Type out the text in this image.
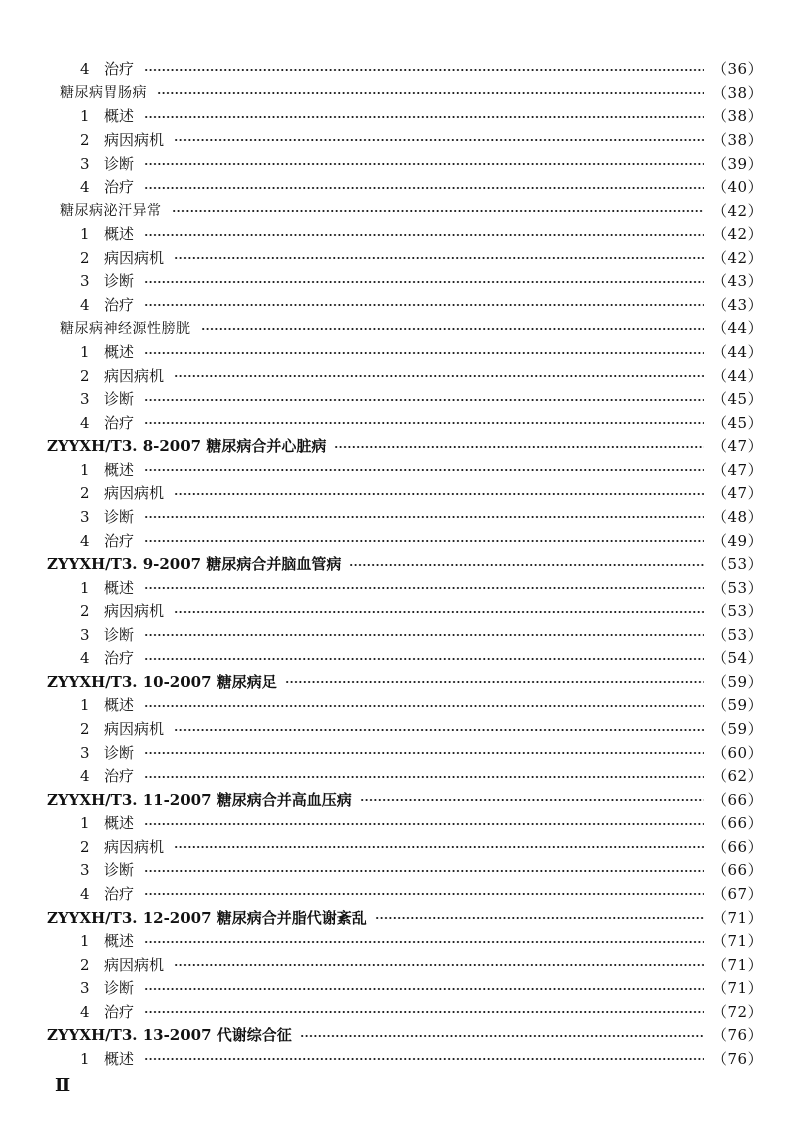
4 治疗	（36）
糖尿病胃肠病	（38）
1 概述	（38）
2 病因病机	（38）
3 诊断	（39）
4 治疗	（40）
糖尿病泌汗异常	（42）
1 概述	（42）
2 病因病机	（42）
3 诊断	（43）
4 治疗	（43）
糖尿病神经源性膀胱	（44）
1 概述	（44）
2 病因病机	（44）
3 诊断	（45）
4 治疗	（45）
ZYYXH/T3. 8-2007 糖尿病合并心脏病	（47）
1 概述	（47）
2 病因病机	（47）
3 诊断	（48）
4 治疗	（49）
ZYYXH/T3. 9-2007 糖尿病合并脑血管病	（53）
1 概述	（53）
2 病因病机	（53）
3 诊断	（53）
4 治疗	（54）
ZYYXH/T3. 10-2007 糖尿病足	（59）
1 概述	（59）
2 病因病机	（59）
3 诊断	（60）
4 治疗	（62）
ZYYXH/T3. 11-2007 糖尿病合并高血压病	（66）
1 概述	（66）
2 病因病机	（66）
3 诊断	（66）
4 治疗	（67）
ZYYXH/T3. 12-2007 糖尿病合并脂代谢紊乱	（71）
1 概述	（71）
2 病因病机	（71）
3 诊断	（71）
4 治疗	（72）
ZYYXH/T3. 13-2007 代谢综合征	（76）
1 概述	（76）
Ⅱ
